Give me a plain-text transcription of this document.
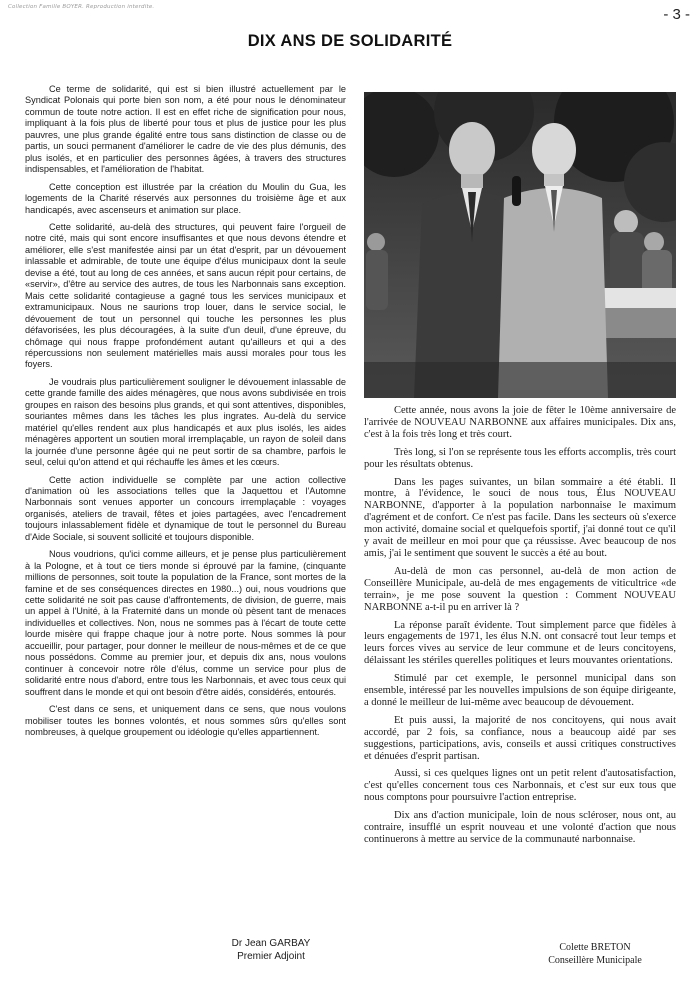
Collection Famille BOYER. Reproduction interdite.	- 3 -
DIX ANS DE SOLIDARITÉ

Ce terme de solidarité, qui est si bien illustré actuellement par le Syndicat Polonais qui porte bien son nom, a été pour nous le dénominateur commun de toute notre action. Il est en effet riche de signification pour nous, impliquant à la fois plus de liberté pour tous et plus de justice pour les plus pauvres, une plus grande égalité entre tous sans distinction de classe ou de partis, un souci permanent d'améliorer le cadre de vie des plus démunis, des plus isolés, et en particulier des personnes âgées, à travers des structures indispensables, et l'amélioration de l'habitat.

Cette conception est illustrée par la création du Moulin du Gua, les logements de la Charité réservés aux personnes du troisième âge et aux handicapés, avec ascenseurs et animation sur place.

Cette solidarité, au-delà des structures, qui peuvent faire l'orgueil de notre cité, mais qui sont encore insuffisantes et que nous devons étendre et améliorer, elle s'est manifestée ainsi par un état d'esprit, par un dévouement inlassable et admirable, de toute une équipe d'élus municipaux dont la seule devise a été, tout au long de ces années, et sans aucun répit pour certains, de «servir», d'être au service des autres, de tous les Narbonnais sans exception. Mais cette solidarité contagieuse a gagné tous les services municipaux et extramunicipaux. Nous ne saurions trop louer, dans le service social, le dévouement de tout un personnel qui touche les personnes les plus défavorisées, les plus découragées, à la suite d'un deuil, d'une épreuve, du chômage qui nous frappe profondément autant qu'ailleurs et qui a des répercussions non seulement matérielles mais aussi morales pour tous les foyers.

Je voudrais plus particulièrement souligner le dévouement inlassable de cette grande famille des aides ménagères, que nous avons subdivisée en trois groupes en raison des besoins plus grands, et qui sont attentives, disponibles, souriantes mêmes dans les tâches les plus ingrates. Au-delà du service matériel qu'elles rendent aux plus handicapés et aux plus isolés, les aides ménagères apportent un soutien moral irremplaçable, un rayon de soleil dans la journée d'une personne âgée qui ne peut sortir de sa chambre, parfois le seul, celui qu'on attend et qui réchauffe les âmes et les cœurs.

Cette action individuelle se complète par une action collective d'animation où les associations telles que la Jaquettou et l'Automne Narbonnais sont venues apporter un concours irremplaçable : voyages organisés, ateliers de travail, fêtes et joies partagées, avec l'encadrement toujours inlassablement fidèle et dynamique de tout le personnel du Bureau d'Aide Sociale, si souvent sollicité et toujours disponible.

Nous voudrions, qu'ici comme ailleurs, et je pense plus particulièrement à la Pologne, et à tout ce tiers monde si éprouvé par la famine, (cinquante millions de personnes, soit toute la population de la France, sont mortes de la famine et de ses conséquences directes en 1980...) oui, nous voudrions que cette solidarité ne soit pas cause d'affrontements, de division, de guerre, mais un appel à l'Unité, à la Fraternité dans un monde où pèsent tant de menaces individuelles et collectives. Non, nous ne sommes pas à l'écart de toute cette lourde misère qui frappe chaque jour à notre porte. Nous sommes là pour accueillir, pour partager, pour donner le meilleur de nous-mêmes et de ce que nous possédons. Comme au premier jour, et depuis dix ans, nous voulons continuer à concevoir notre rôle d'élus, comme un service pour plus de solidarité entre nous d'abord, entre tous les Narbonnais, et avec tous ceux qui souffrent dans le monde et qui ont besoin d'être aidés, considérés, entourés.

C'est dans ce sens, et uniquement dans ce sens, que nous voulons mobiliser toutes les bonnes volontés, et nous sommes sûrs qu'elles sont nombreuses, à quelque groupement ou idéologie qu'elles appartiennent.

Dr Jean GARBAY
Premier Adjoint

Cette année, nous avons la joie de fêter le 10ème anniversaire de l'arrivée de NOUVEAU NARBONNE aux affaires municipales. Dix ans, c'est à la fois très long et très court.

Très long, si l'on se représente tous les efforts accomplis, très court pour les résultats obtenus.

Dans les pages suivantes, un bilan sommaire a été établi. Il montre, à l'évidence, le souci de nous tous, Élus NOUVEAU NARBONNE, d'apporter à la population narbonnaise le maximum d'agrément et de confort. Ce n'est pas facile. Dans les secteurs où s'exerce mon activité, domaine social et quelquefois sportif, j'ai donné tout ce qu'il y avait de meilleur en moi pour que ça réussisse. Avec beaucoup de nos amis, j'ai le sentiment que souvent le succès a été au bout.

Au-delà de mon cas personnel, au-delà de mon action de Conseillère Municipale, au-delà de mes engagements de viticultrice «de terrain», je me pose souvent la question : Comment NOUVEAU NARBONNE a-t-il pu en arriver là ?

La réponse paraît évidente. Tout simplement parce que fidèles à leurs engagements de 1971, les élus N.N. ont consacré tout leur temps et leurs forces vives au service de leur commune et de leurs concitoyens, délaissant les stériles querelles politiques et leurs mouvantes orientations.

Stimulé par cet exemple, le personnel municipal dans son ensemble, intéressé par les nouvelles impulsions de son équipe dirigeante, a donné le meilleur de lui-même avec beaucoup de dévouement.

Et puis aussi, la majorité de nos concitoyens, qui nous avait accordé, par 2 fois, sa confiance, nous a beaucoup aidé par ses suggestions, participations, avis, conseils et aussi critiques constructives et dénuées d'esprit partisan.

Aussi, si ces quelques lignes ont un petit relent d'autosatisfaction, c'est qu'elles concernent tous ces Narbonnais, et c'est sur eux tous que nous comptons pour poursuivre l'action entreprise.

Dix ans d'action municipale, loin de nous scléroser, nous ont, au contraire, insufflé un esprit nouveau et une volonté d'action que nous continuerons à mettre au service de la communauté narbonnaise.

Colette BRETON
Conseillère Municipale
